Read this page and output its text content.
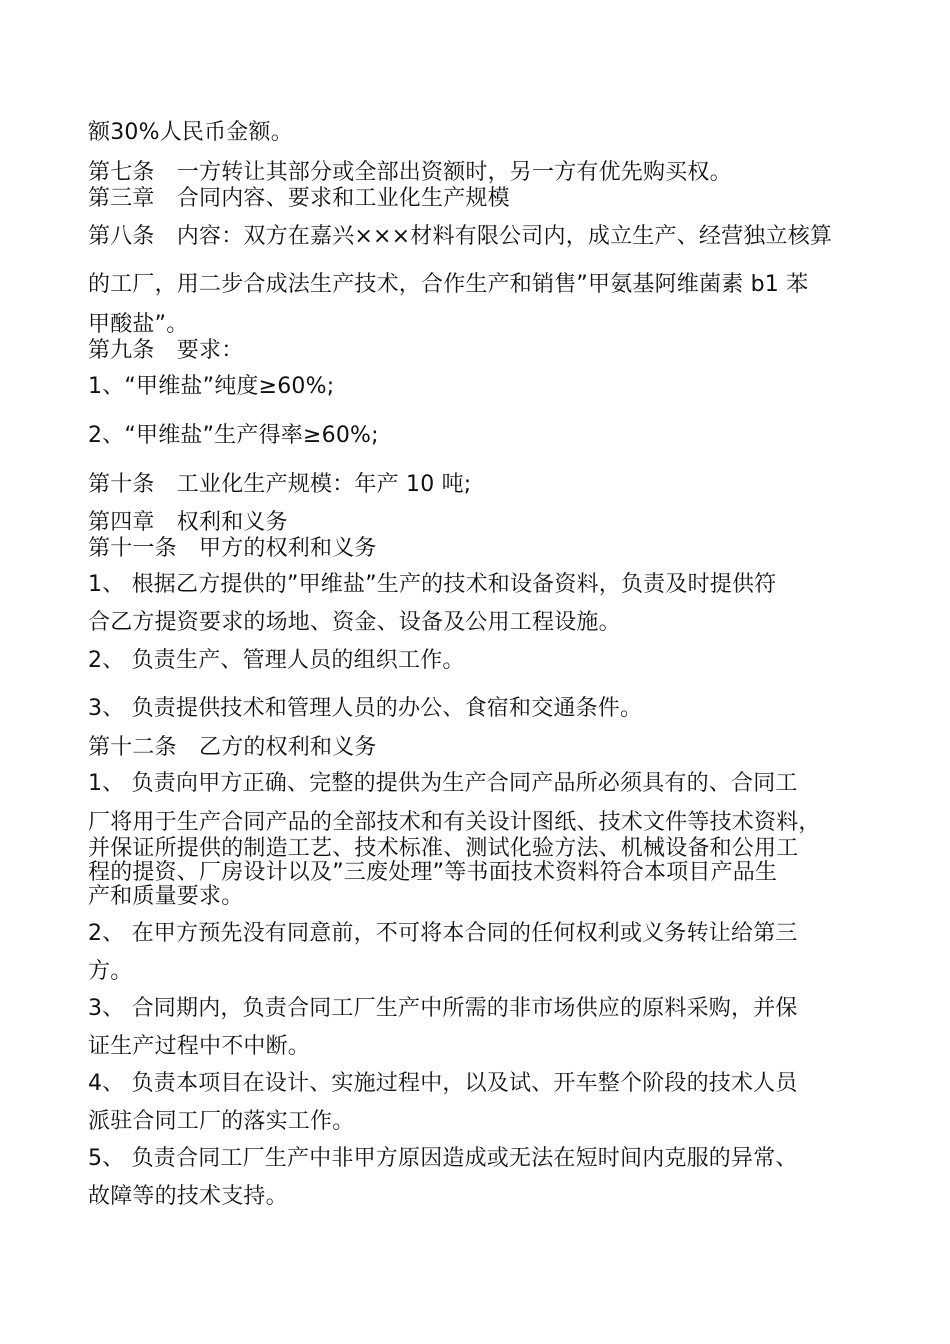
额30%人民币金额。
第七条　一方转让其部分或全部出资额时，另一方有优先购买权。
第三章　合同内容、要求和工业化生产规模
第八条　内容：双方在嘉兴×××材料有限公司内，成立生产、经营独立核算
的工厂，用二步合成法生产技术，合作生产和销售”甲氨基阿维菌素 b1 苯
甲酸盐”。
第九条　要求：
1、“甲维盐”纯度≥60%;
2、“甲维盐”生产得率≥60%;
第十条　工业化生产规模：年产 10 吨;
第四章　权利和义务
第十一条　甲方的权利和义务
1、 根据乙方提供的”甲维盐”生产的技术和设备资料，负责及时提供符
合乙方提资要求的场地、资金、设备及公用工程设施。
2、 负责生产、管理人员的组织工作。
3、 负责提供技术和管理人员的办公、食宿和交通条件。
第十二条　乙方的权利和义务
1、 负责向甲方正确、完整的提供为生产合同产品所必须具有的、合同工
厂将用于生产合同产品的全部技术和有关设计图纸、技术文件等技术资料，
并保证所提供的制造工艺、技术标准、测试化验方法、机械设备和公用工
程的提资、厂房设计以及”三废处理”等书面技术资料符合本项目产品生
产和质量要求。
2、 在甲方预先没有同意前，不可将本合同的任何权利或义务转让给第三
方。
3、 合同期内，负责合同工厂生产中所需的非市场供应的原料采购，并保
证生产过程中不中断。
4、 负责本项目在设计、实施过程中，以及试、开车整个阶段的技术人员
派驻合同工厂的落实工作。
5、 负责合同工厂生产中非甲方原因造成或无法在短时间内克服的异常、
故障等的技术支持。
